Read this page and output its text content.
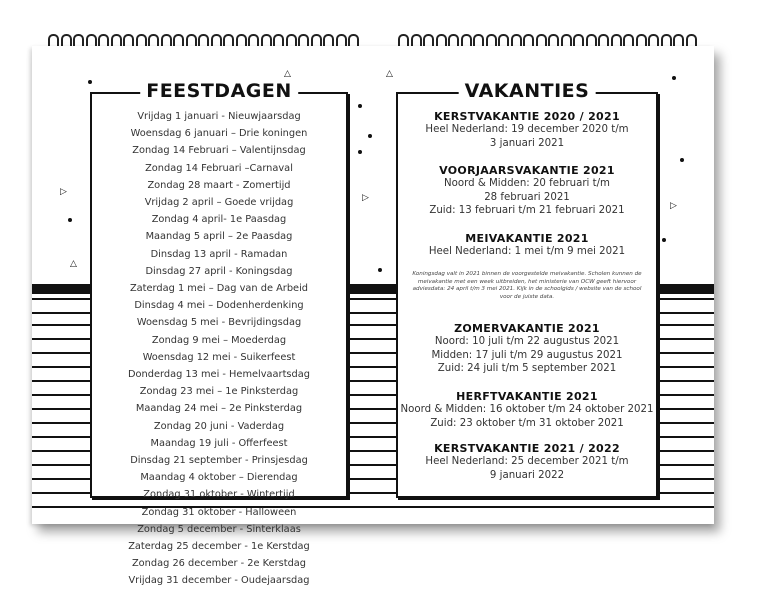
△	△
▷
△
▷
▷
FEESTDAGEN
Vrijdag 1 januari - Nieuwjaarsdag
Woensdag 6 januari – Drie koningen
Zondag 14 Februari – Valentijnsdag
Zondag 14 Februari –Carnaval
Zondag 28 maart - Zomertijd
Vrijdag 2 april – Goede vrijdag
Zondag 4 april- 1e Paasdag
Maandag 5 april – 2e Paasdag
Dinsdag 13 april - Ramadan
Dinsdag 27 april - Koningsdag
Zaterdag 1 mei – Dag van de Arbeid
Dinsdag 4 mei – Dodenherdenking
Woensdag 5 mei - Bevrijdingsdag
Zondag 9 mei – Moederdag
Woensdag 12 mei - Suikerfeest
Donderdag 13 mei - Hemelvaartsdag
Zondag 23 mei – 1e Pinksterdag
Maandag 24 mei – 2e Pinksterdag
Zondag 20 juni - Vaderdag
Maandag 19 juli - Offerfeest
Dinsdag 21 september - Prinsjesdag
Maandag 4 oktober – Dierendag
Zondag 31 oktober - Wintertijd
Zondag 31 oktober - Halloween
Zondag 5 december - Sinterklaas
Zaterdag 25 december - 1e Kerstdag
Zondag 26 december - 2e Kerstdag
Vrijdag 31 december - Oudejaarsdag
VAKANTIES
KERSTVAKANTIE 2020 / 2021
Heel Nederland: 19 december 2020 t/m
3 januari 2021
VOORJAARSVAKANTIE 2021
Noord & Midden: 20 februari t/m
28 februari 2021
Zuid: 13 februari t/m 21 februari 2021
MEIVAKANTIE 2021
Heel Nederland: 1 mei t/m 9 mei 2021
Koningsdag valt in 2021 binnen de voorgestelde meivakantie. Scholen kunnen de meivakantie met een week uitbreiden, het ministerie van OCW geeft hiervoor adviesdata: 24 april t/m 3 mei 2021. Kijk in de schoolgids / website van de school voor de juiste data.
ZOMERVAKANTIE 2021
Noord: 10 juli t/m 22 augustus 2021
Midden: 17 juli t/m 29 augustus 2021
Zuid: 24 juli t/m 5 september 2021
HERFTVAKANTIE 2021
Noord & Midden: 16 oktober t/m 24 oktober 2021
Zuid: 23 oktober t/m 31 oktober 2021
KERSTVAKANTIE 2021 / 2022
Heel Nederland: 25 december 2021 t/m
9 januari 2022
